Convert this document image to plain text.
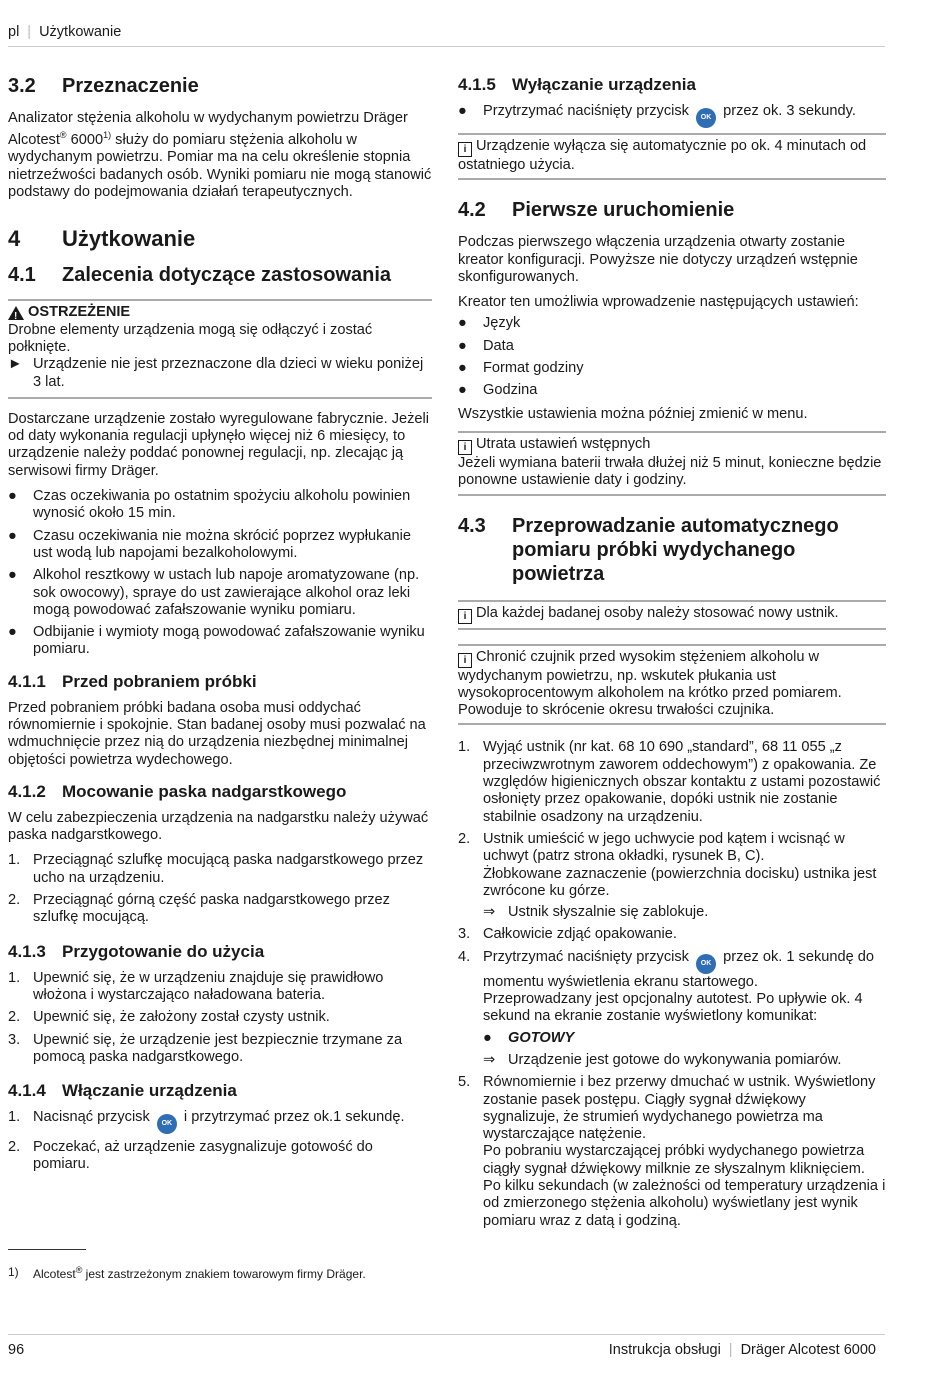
pl | Użytkowanie
3.2	Przeznaczenie

Analizator stężenia alkoholu w wydychanym powietrzu Dräger Alcotest® 6000$^{1)}$ służy do pomiaru stężenia alkoholu w wydychanym powietrzu. Pomiar ma na celu określenie stopnia nietrzeźwości badanych osób. Wyniki pomiaru nie mogą stanowić podstawy do podejmowania działań terapeutycznych.

4	Użytkowanie
4.1	Zalecenia dotyczące zastosowania
!
OSTRZEŻENIE
Drobne elementy urządzenia mogą się odłączyć i zostać połknięte.
► Urządzenie nie jest przeznaczone dla dzieci w wieku poniżej 3 lat.

Dostarczane urządzenie zostało wyregulowane fabrycznie. Jeżeli od daty wykonania regulacji upłynęło więcej niż 6 miesięcy, to urządzenie należy poddać ponownej regulacji, np. zlecając ją serwisowi firmy Dräger.

●	Czas oczekiwania po ostatnim spożyciu alkoholu powinien wynosić około 15 min.
●	Czasu oczekiwania nie można skrócić poprzez wypłukanie ust wodą lub napojami bezalkoholowymi.
●	Alkohol resztkowy w ustach lub napoje aromatyzowane (np. sok owocowy), spraye do ust zawierające alkohol oraz leki mogą powodować zafałszowanie wyniku pomiaru.
●	Odbijanie i wymioty mogą powodować zafałszowanie wyniku pomiaru.
4.1.1 Przed pobraniem próbki

Przed pobraniem próbki badana osoba musi oddychać równomiernie i spokojnie. Stan badanej osoby musi pozwalać na wdmuchnięcie przez nią do urządzenia niezbędnej minimalnej objętości powietrza wydechowego.

4.1.2 Mocowanie paska nadgarstkowego

W celu zabezpieczenia urządzenia na nadgarstku należy używać paska nadgarstkowego.

1. Przeciągnąć szlufkę mocującą paska nadgarstkowego przez ucho na urządzeniu.
2. Przeciągnąć górną część paska nadgarstkowego przez szlufkę mocującą.
4.1.3 Przygotowanie do użycia
1. Upewnić się, że w urządzeniu znajduje się prawidłowo włożona i wystarczająco naładowana bateria.
2. Upewnić się, że założony został czysty ustnik.
3. Upewnić się, że urządzenie jest bezpiecznie trzymane za pomocą paska nadgarstkowego.
4.1.4 Włączanie urządzenia
1. Nacisnąć przycisk OK i przytrzymać przez ok.1 sekundę.
2. Poczekać, aż urządzenie zasygnalizuje gotowość do pomiaru.
4.1.5 Wyłączanie urządzenia
●	Przytrzymać naciśnięty przycisk OK przez ok. 3 sekundy.
i Urządzenie wyłącza się automatycznie po ok. 4 minutach od ostatniego użycia.
4.2	Pierwsze uruchomienie

Podczas pierwszego włączenia urządzenia otwarty zostanie kreator konfiguracji. Powyższe nie dotyczy urządzeń wstępnie skonfigurowanych.

Kreator ten umożliwia wprowadzenie następujących ustawień:

●	Język
●	Data
●	Format godziny
●	Godzina

Wszystkie ustawienia można później zmienić w menu.

i Utrata ustawień wstępnych
Jeżeli wymiana baterii trwała dłużej niż 5 minut, konieczne będzie ponowne ustawienie daty i godziny.
4.3	Przeprowadzanie automatycznego pomiaru próbki wydychanego powietrza
i Dla każdej badanej osoby należy stosować nowy ustnik.
i Chronić czujnik przed wysokim stężeniem alkoholu w wydychanym powietrzu, np. wskutek płukania ust wysokoprocentowym alkoholem na krótko przed pomiarem. Powoduje to skrócenie okresu trwałości czujnika.
1. Wyjąć ustnik (nr kat. 68 10 690 „standard”, 68 11 055 „z przeciwzwrotnym zaworem oddechowym”) z opakowania. Ze względów higienicznych obszar kontaktu z ustami pozostawić osłonięty przez opakowanie, dopóki ustnik nie zostanie stabilnie osadzony na urządzeniu.
2. Ustnik umieścić w jego uchwycie pod kątem i wcisnąć w uchwyt (patrz strona okładki, rysunek B, C).
Żłobkowane zaznaczenie (powierzchnia docisku) ustnika jest zwrócone ku górze.
⇒ Ustnik słyszalnie się zablokuje.
3. Całkowicie zdjąć opakowanie.
4. Przytrzymać naciśnięty przycisk OK przez ok. 1 sekundę do momentu wyświetlenia ekranu startowego.
Przeprowadzany jest opcjonalny autotest. Po upływie ok. 4 sekund na ekranie zostanie wyświetlony komunikat:
●	GOTOWY
⇒ Urządzenie jest gotowe do wykonywania pomiarów.
5. Równomiernie i bez przerwy dmuchać w ustnik. Wyświetlony zostanie pasek postępu. Ciągły sygnał dźwiękowy sygnalizuje, że strumień wydychanego powietrza ma wystarczające natężenie.
Po pobraniu wystarczającej próbki wydychanego powietrza ciągły sygnał dźwiękowy milknie ze słyszalnym kliknięciem.
Po kilku sekundach (w zależności od temperatury urządzenia i od zmierzonego stężenia alkoholu) wyświetlany jest wynik pomiaru wraz z datą i godziną.
1)	Alcotest® jest zastrzeżonym znakiem towarowym firmy Dräger.
96	Instrukcja obsługi | Dräger Alcotest 6000
